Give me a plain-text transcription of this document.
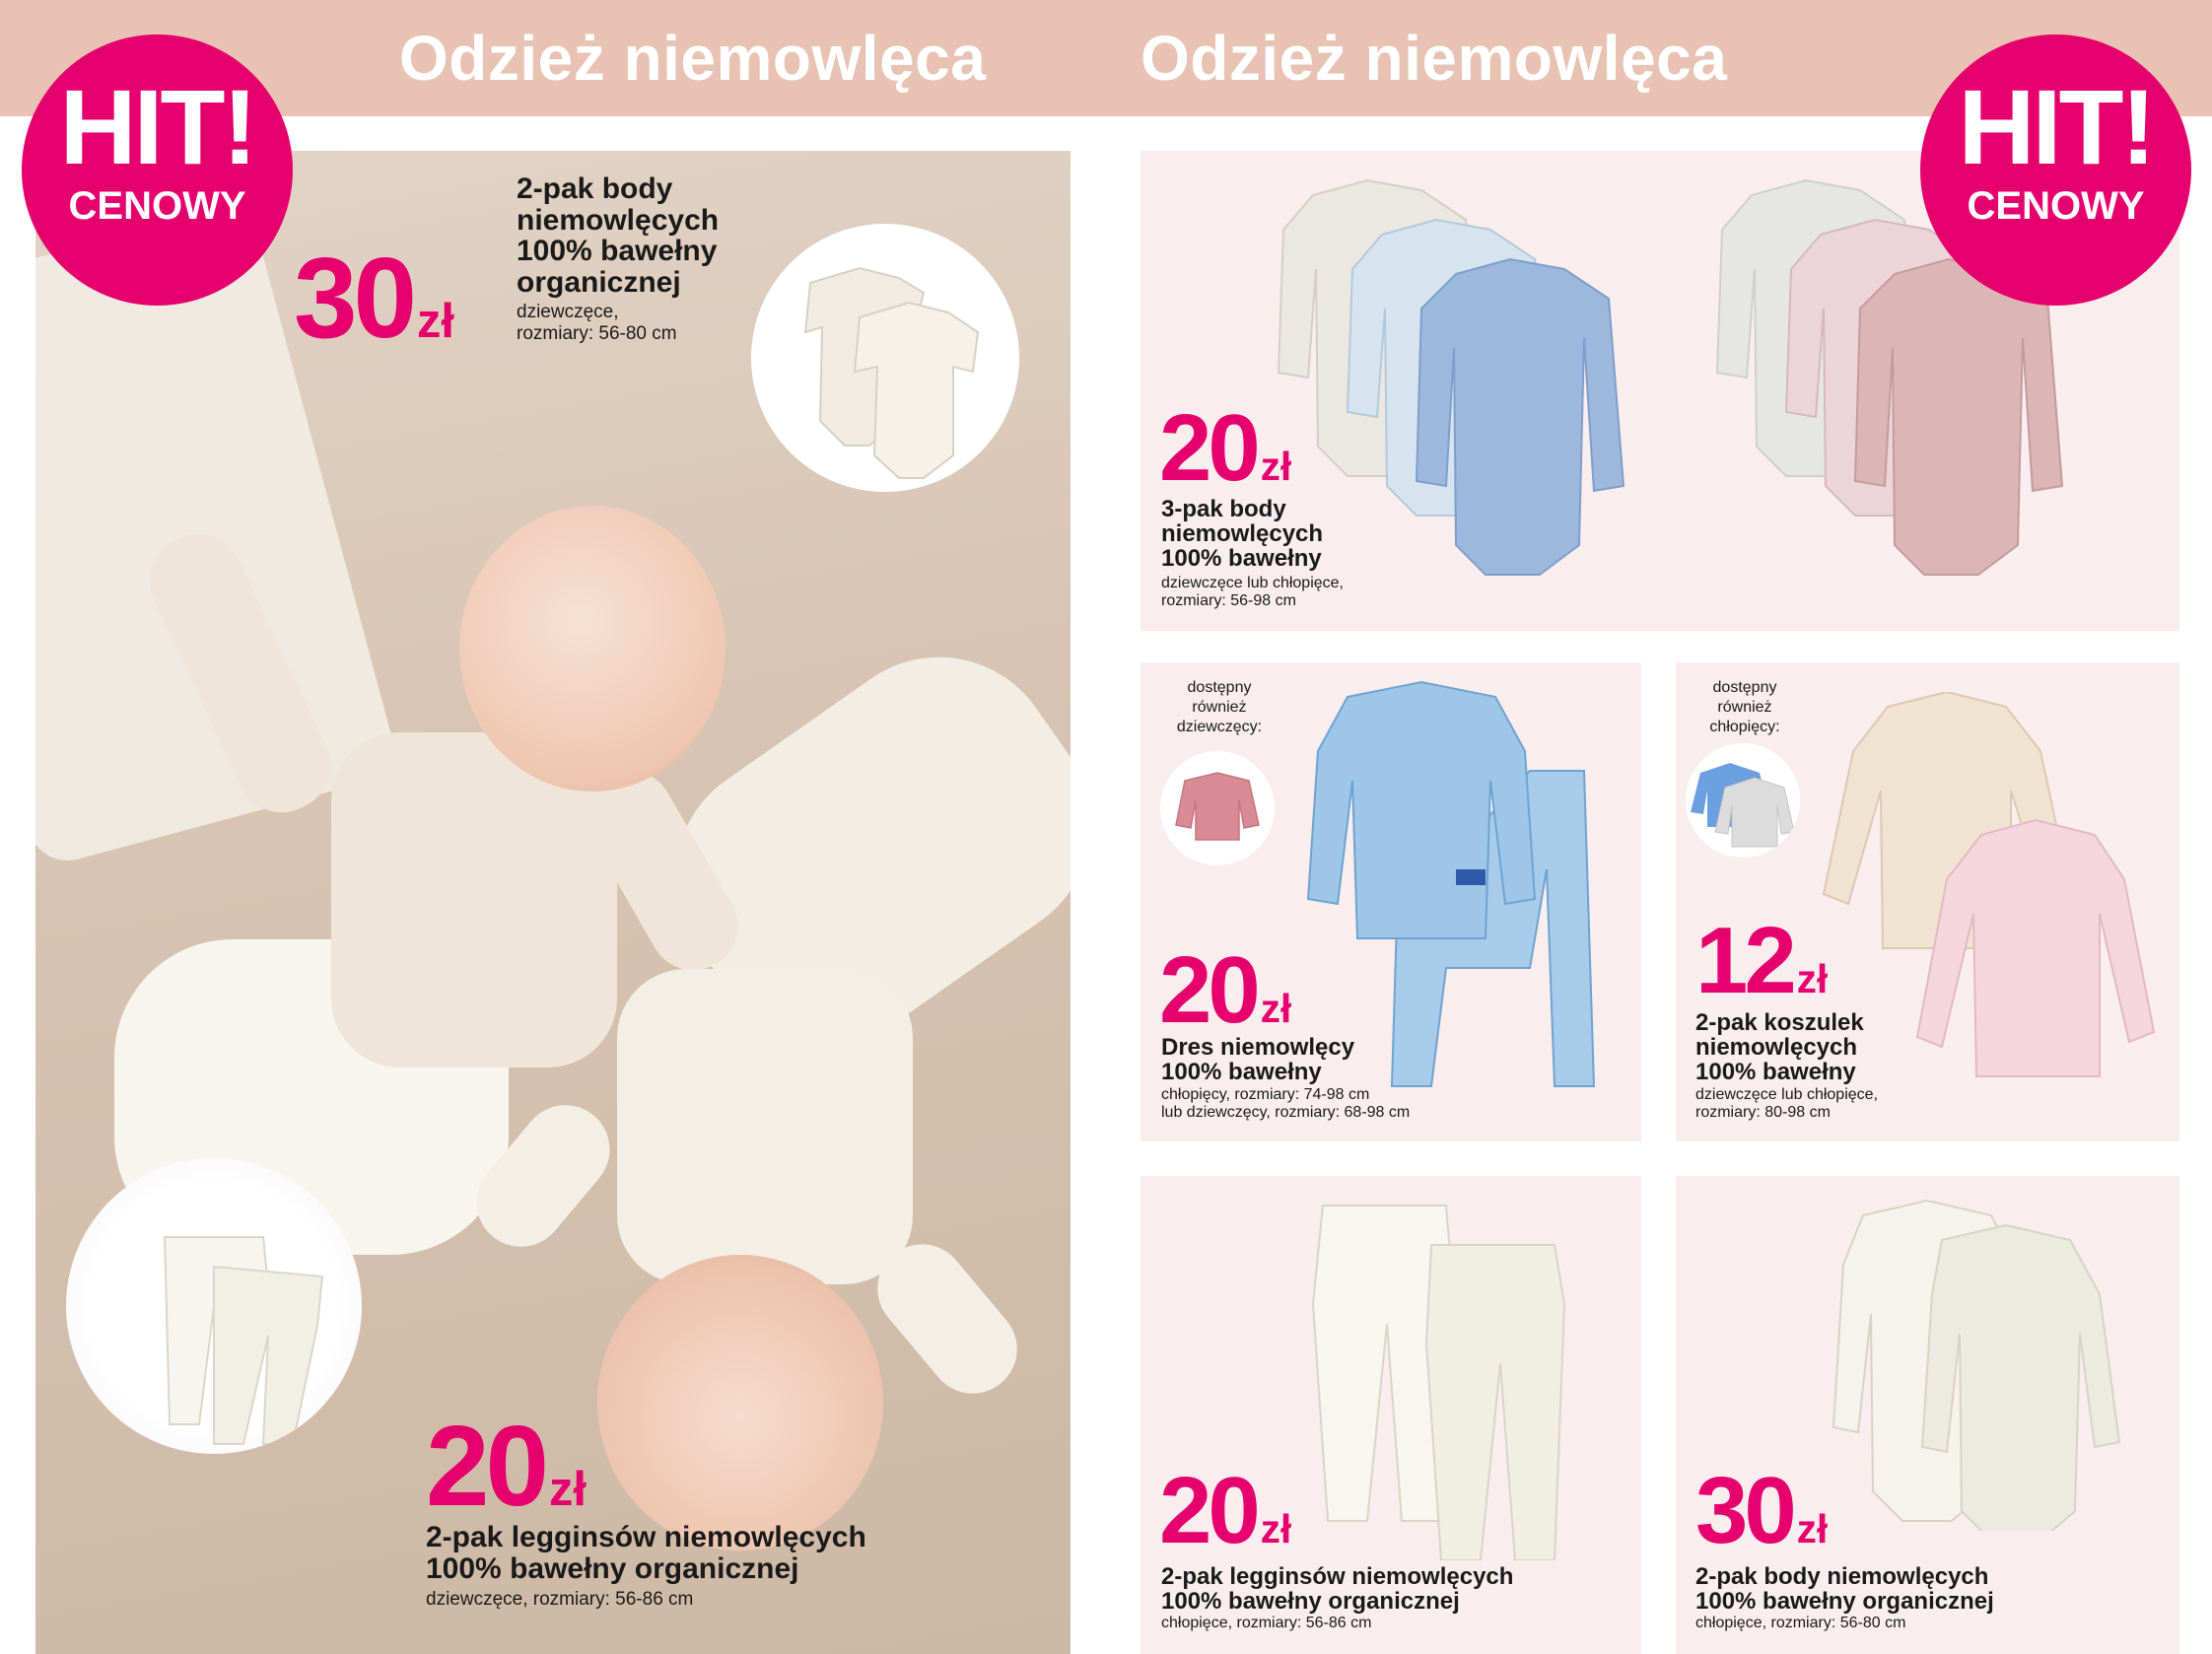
Odzież niemowlęca Odzież niemowlęca
HIT!
CENOWY
HIT!
CENOWY
30zł
2-pak body
niemowlęcych
100% bawełny
organicznej
dziewczęce,
rozmiary: 56-80 cm
20zł
2-pak legginsów niemowlęcych
100% bawełny organicznej
dziewczęce, rozmiary: 56-86 cm
20zł
3-pak body
niemowlęcych
100% bawełny
dziewczęce lub chłopięce,
rozmiary: 56-98 cm
dostępny
również
dziewczęcy:
20zł
Dres niemowlęcy
100% bawełny
chłopięcy, rozmiary: 74-98 cm
lub dziewczęcy, rozmiary: 68-98 cm
dostępny
również
chłopięcy:
12zł
2-pak koszulek
niemowlęcych
100% bawełny
dziewczęce lub chłopięce,
rozmiary: 80-98 cm
20zł
2-pak legginsów niemowlęcych
100% bawełny organicznej
chłopięce, rozmiary: 56-86 cm
30zł
2-pak body niemowlęcych
100% bawełny organicznej
chłopięce, rozmiary: 56-80 cm
